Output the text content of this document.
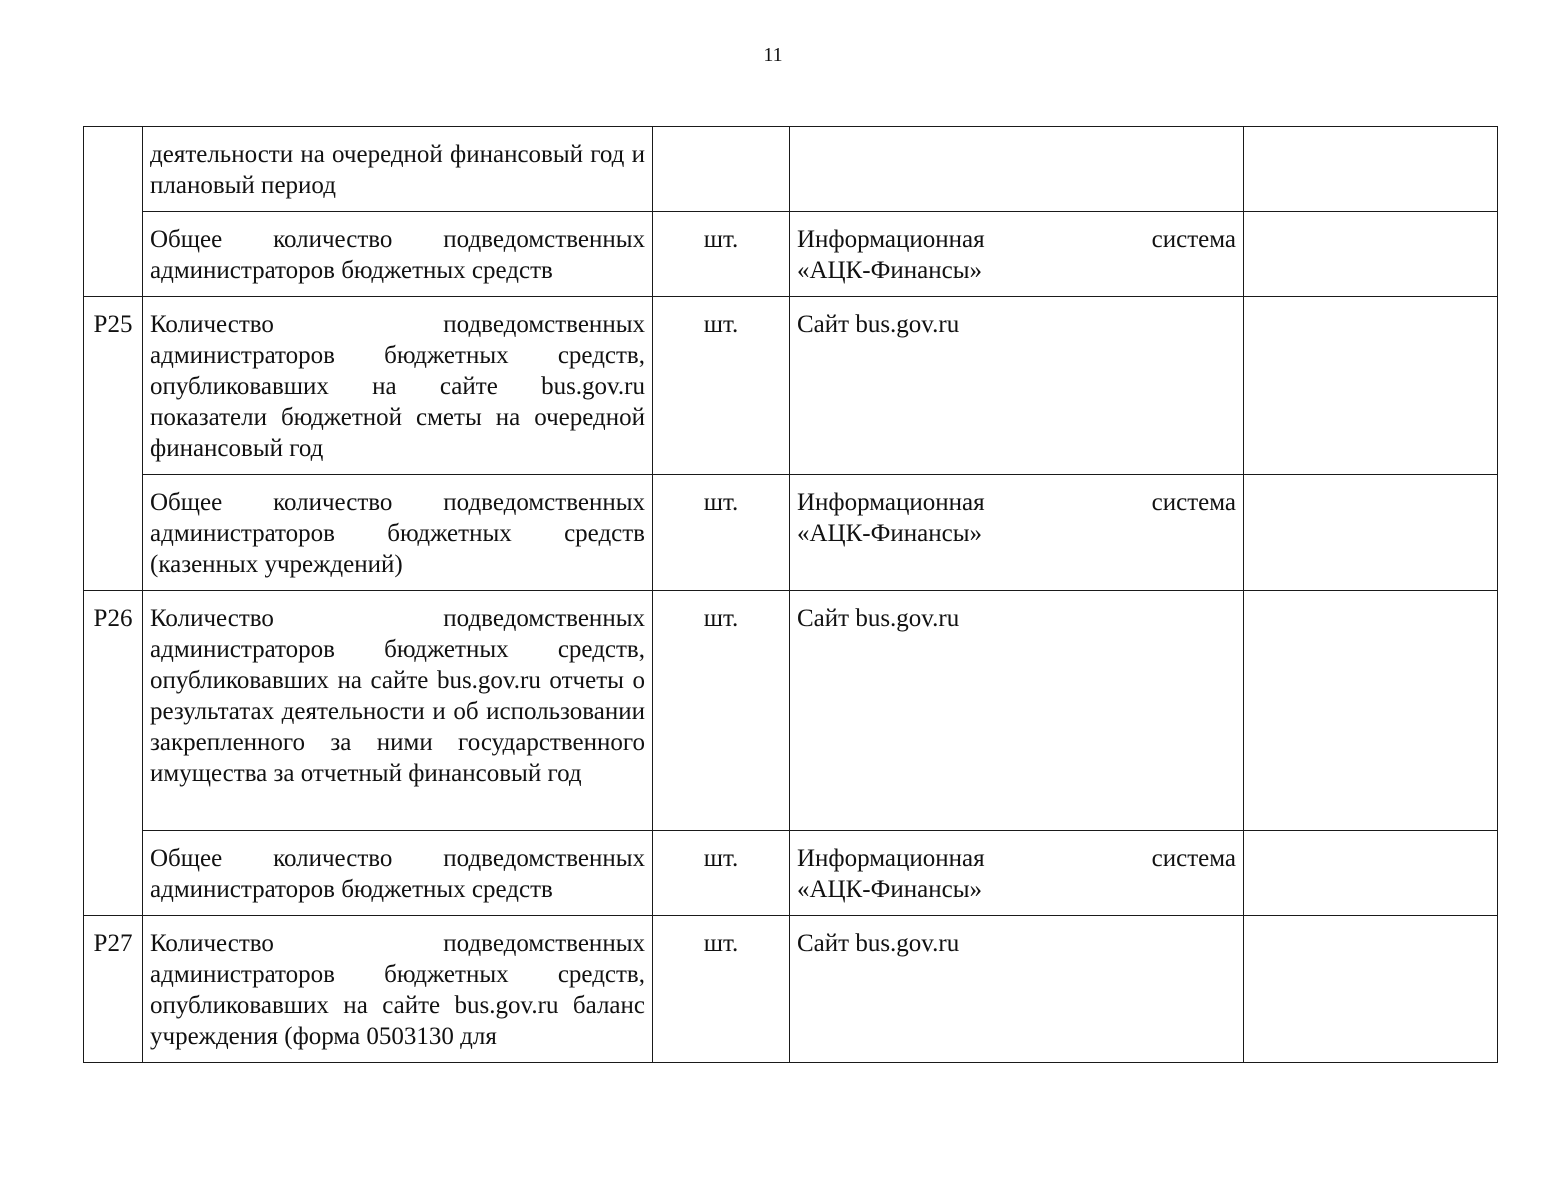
11
	деятельности на очередной финансовый год и плановый период			
	Общее количество подведомственных администраторов бюджетных средств	шт.	Информационная система
«АЦК-Финансы»	

Р25	Количество подведомственных администраторов бюджетных средств, опубликовавших на сайте bus.gov.ru показатели бюджетной сметы на очередной финансовый год	шт.	Сайт bus.gov.ru	
	Общее количество подведомственных администраторов бюджетных средств (казенных учреждений)	шт.	Информационная система
«АЦК-Финансы»	

Р26	Количество подведомственных администраторов бюджетных средств, опубликовавших на сайте bus.gov.ru отчеты о результатах деятельности и об использовании закрепленного за ними государственного имущества за отчетный финансовый год	шт.	Сайт bus.gov.ru	
	Общее количество подведомственных администраторов бюджетных средств	шт.	Информационная система
«АЦК-Финансы»	

Р27	Количество подведомственных администраторов бюджетных средств, опубликовавших на сайте bus.gov.ru баланс учреждения (форма 0503130 для	шт.	Сайт bus.gov.ru	
